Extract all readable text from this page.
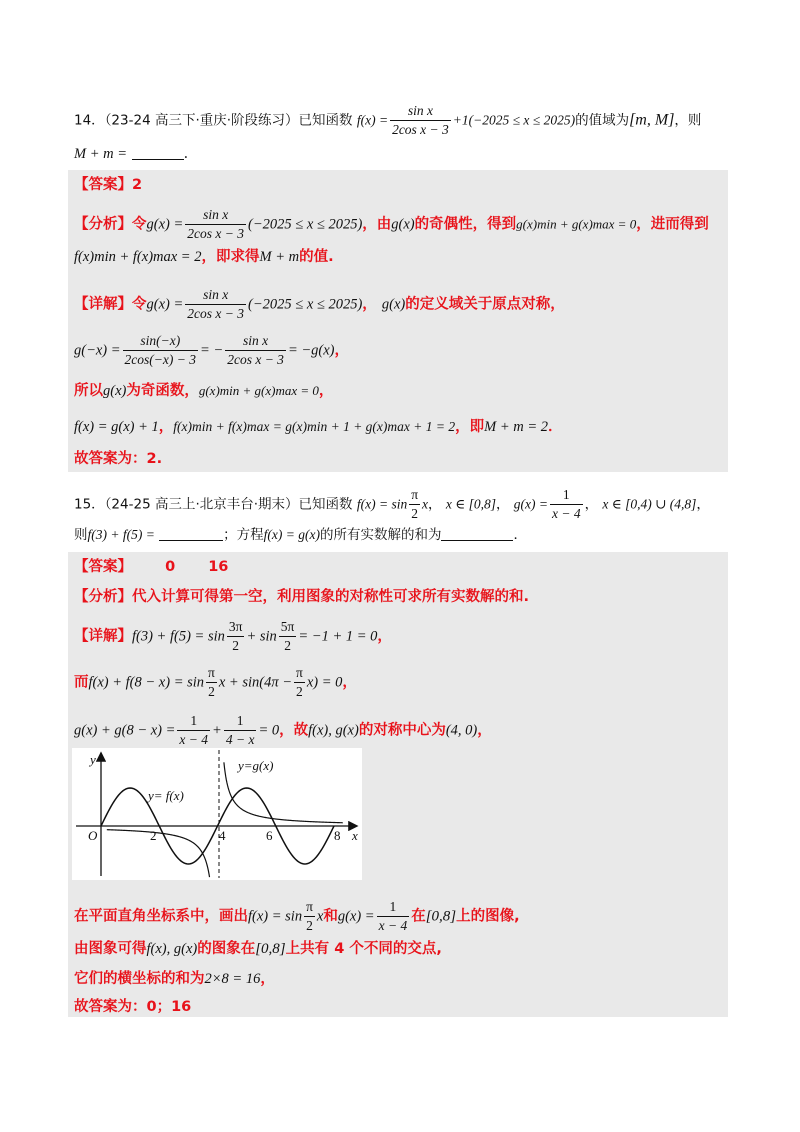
14．（23-24 高三下·重庆·阶段练习）已知函数 $f(x) = \frac{\text{sin x}}{\text{2cos x − 3}} +1(-2025 \le x \le 2025)$的值域为[m, M]，则
M + m =	．
【答案】2
【分析】令$g(x) = \frac{\text{sin x}}{\text{2cos x − 3}} (-2025 \le x \le 2025)$，由g(x)的奇偶性，得到g(x)min + g(x)max = 0，进而得到
f(x)min + f(x)max = 2，即求得M + m的值.
【详解】令$g(x) = \frac{\text{sin x}}{\text{2cos x − 3}} (-2025 \le x \le 2025)$， g(x)的定义域关于原点对称，
$g(-x) = \frac{\sin(-x)}{2\cos(-x) - 3}$ = − $\frac{\text{sin x}}{\text{2cos x − 3}} = -g(x)$，
所以g(x)为奇函数，g(x)min + g(x)max = 0，
f(x) = g(x) + 1，f(x)min + f(x)max = g(x)min + 1 + g(x)max + 1 = 2，即M + m = 2．
故答案为：2.
15．（24-25 高三上·北京丰台·期末）已知函数 $f(x) = \sin \frac{\pi}{2}$ x， x ∈ [0,8]， $g(x) = \frac{1}{x - 4}$ ， x ∈ [0,4) ∪ (4,8]，
则f(3) + f(5) =	；方程f(x) = g(x)的所有实数解的和为	．
【答案】 0 16
【分析】代入计算可得第一空，利用图象的对称性可求所有实数解的和.
【详解】$f(3) + f(5) = \sin \frac{3\pi}{2} + \sin \frac{5\pi}{2} = -1 + 1 = 0$，
而$f(x) + f(8 - x) = \sin \frac{\pi}{2}$ $x + \sin(4\pi - \frac{\pi}{2} x) = 0$，
$g(x) + g(8 - x) = \frac{1}{x - 4} + \frac{1}{4 - x} = 0$，故f(x), g(x)的对称中心为(4, 0)，
y
x
O	2	4	6	8
y= f(x)
y=g(x)
在平面直角坐标系中，画出$f(x) = \sin \frac{\pi}{2}$ x和$g(x) = \frac{1}{x - 4}$ 在[0,8]上的图像,
由图象可得f(x), g(x)的图象在[0,8]上共有 4 个不同的交点,
它们的横坐标的和为2×8 = 16，
故答案为：0；16
